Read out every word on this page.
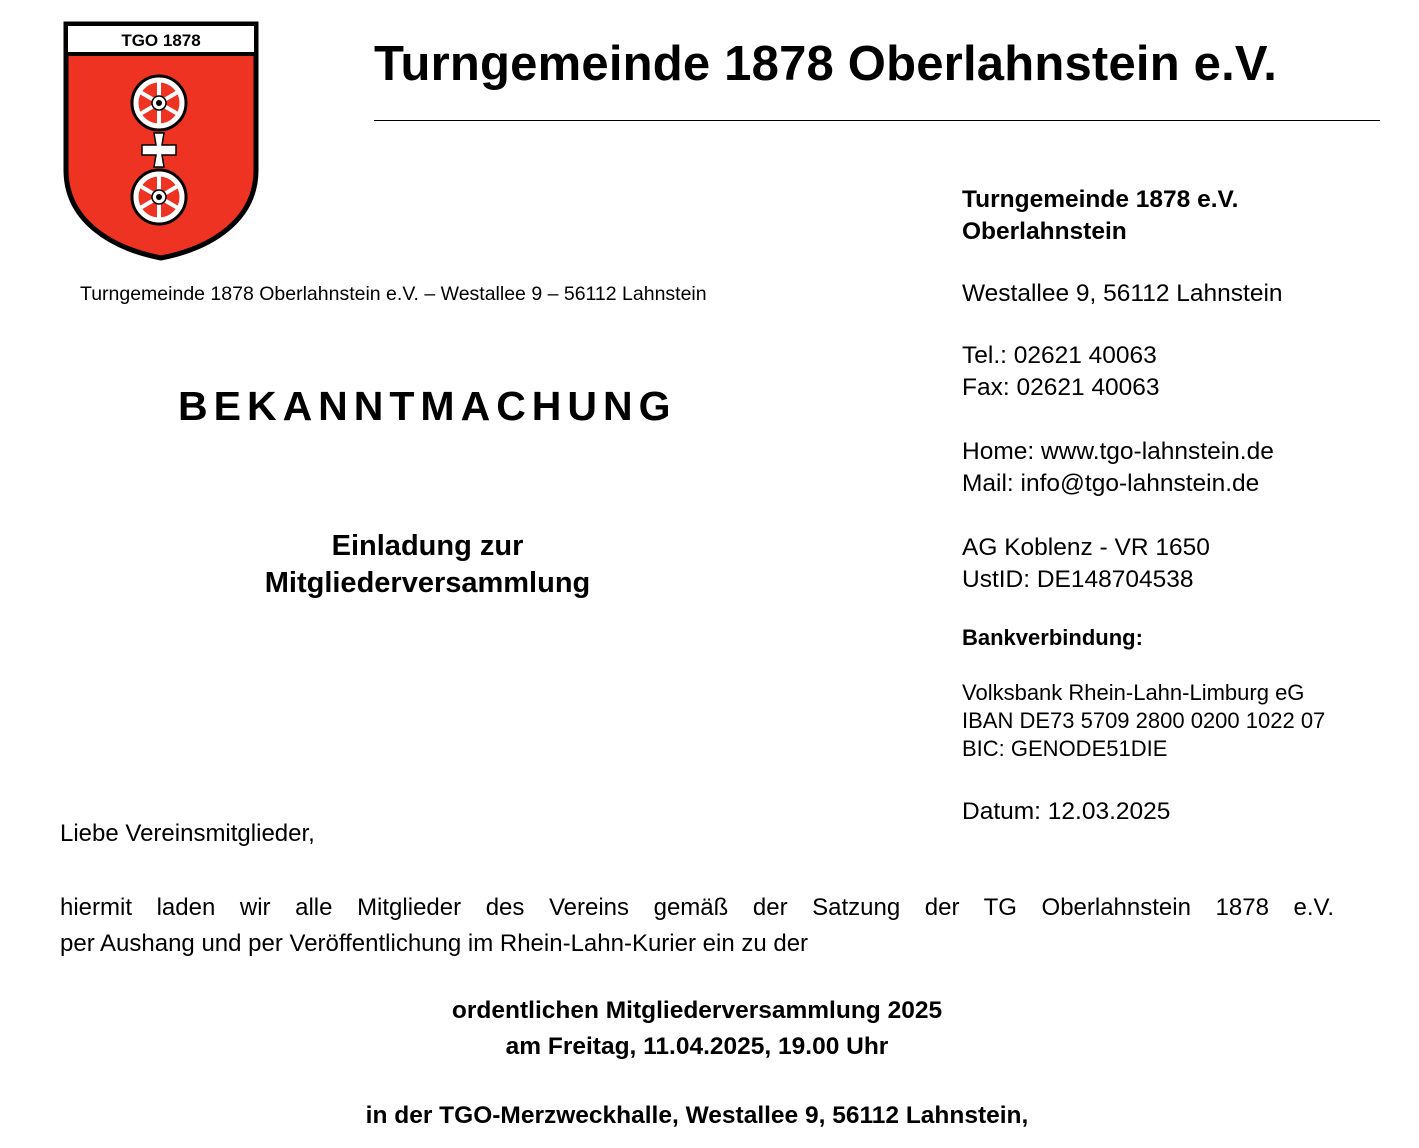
TGO 1878	Turngemeinde 1878 Oberlahnstein e.V.
Turngemeinde 1878 Oberlahnstein e.V. – Westallee 9 – 56112 Lahnstein
BEKANNTMACHUNG
Einladung zur
Mitgliederversammlung
Turngemeinde 1878 e.V.
Oberlahnstein
Westallee 9, 56112 Lahnstein
Tel.: 02621 40063
Fax: 02621 40063
Home: www.tgo-lahnstein.de
Mail: info@tgo-lahnstein.de
AG Koblenz - VR 1650
UstID: DE148704538
Bankverbindung:
Volksbank Rhein-Lahn-Limburg eG
IBAN DE73 5709 2800 0200 1022 07
BIC: GENODE51DIE
Datum: 12.03.2025
Liebe Vereinsmitglieder,
hiermit laden wir alle Mitglieder des Vereins gemäß der Satzung der TG Oberlahnstein 1878 e.V.
per Aushang und per Veröffentlichung im Rhein-Lahn-Kurier ein zu der
ordentlichen Mitgliederversammlung 2025
am Freitag, 11.04.2025, 19.00 Uhr
in der TGO-Merzweckhalle, Westallee 9, 56112 Lahnstein,
